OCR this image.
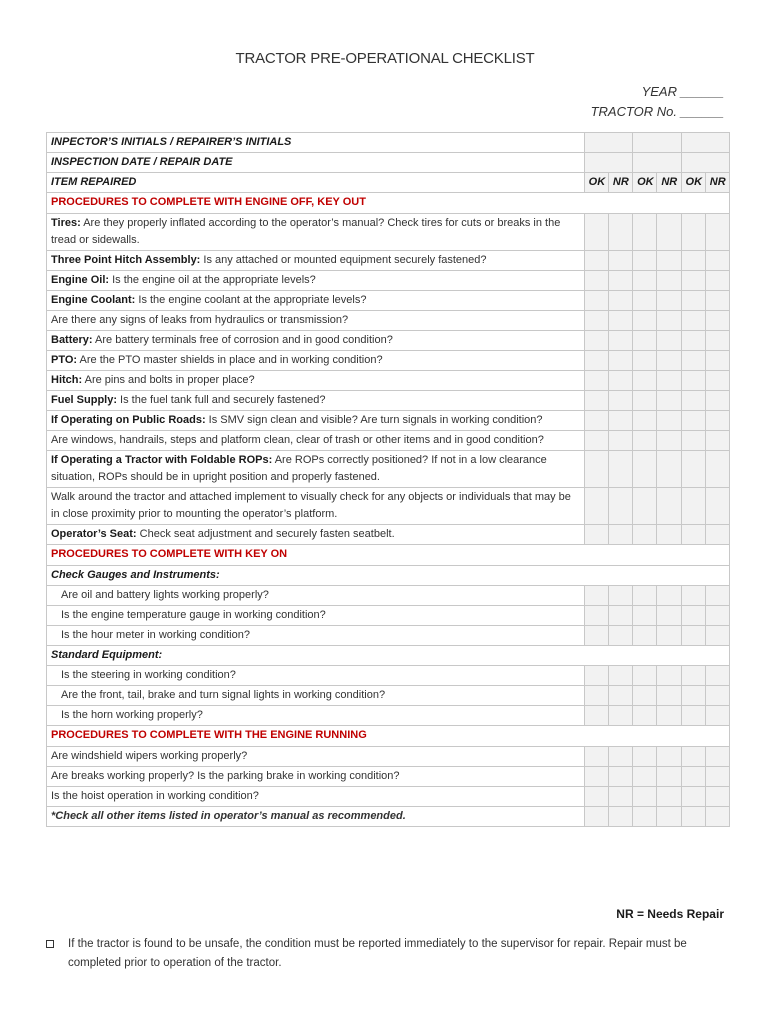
TRACTOR PRE-OPERATIONAL CHECKLIST
YEAR ______
TRACTOR No. ______
INPECTOR’S INITIALS / REPAIRER’S INITIALS						
INSPECTION DATE / REPAIR DATE						
ITEM REPAIRED	OK	NR	OK	NR	OK	NR
PROCEDURES TO COMPLETE WITH ENGINE OFF, KEY OUT						
Tires: Are they properly inflated according to the operator’s manual? Check tires for cuts or breaks in the tread or sidewalls.						
Three Point Hitch Assembly: Is any attached or mounted equipment securely fastened?						
Engine Oil: Is the engine oil at the appropriate levels?						
Engine Coolant: Is the engine coolant at the appropriate levels?						
Are there any signs of leaks from hydraulics or transmission?						
Battery: Are battery terminals free of corrosion and in good condition?						
PTO: Are the PTO master shields in place and in working condition?						
Hitch: Are pins and bolts in proper place?						
Fuel Supply: Is the fuel tank full and securely fastened?						
If Operating on Public Roads: Is SMV sign clean and visible? Are turn signals in working condition?						
Are windows, handrails, steps and platform clean, clear of trash or other items and in good condition?						
If Operating a Tractor with Foldable ROPs: Are ROPs correctly positioned? If not in a low clearance situation, ROPs should be in upright position and properly fastened.						
Walk around the tractor and attached implement to visually check for any objects or individuals that may be in close proximity prior to mounting the operator’s platform.						
Operator’s Seat: Check seat adjustment and securely fasten seatbelt.						
PROCEDURES TO COMPLETE WITH KEY ON						
Check Gauges and Instruments:						
Are oil and battery lights working properly?						
Is the engine temperature gauge in working condition?						
Is the hour meter in working condition?						
Standard Equipment:						
Is the steering in working condition?						
Are the front, tail, brake and turn signal lights in working condition?						
Is the horn working properly?						
PROCEDURES TO COMPLETE WITH THE ENGINE RUNNING						
Are windshield wipers working properly?						
Are breaks working properly? Is the parking brake in working condition?						
Is the hoist operation in working condition?						
*Check all other items listed in operator’s manual as recommended.						
NR = Needs Repair
If the tractor is found to be unsafe, the condition must be reported immediately to the supervisor for repair. Repair must be completed prior to operation of the tractor.
